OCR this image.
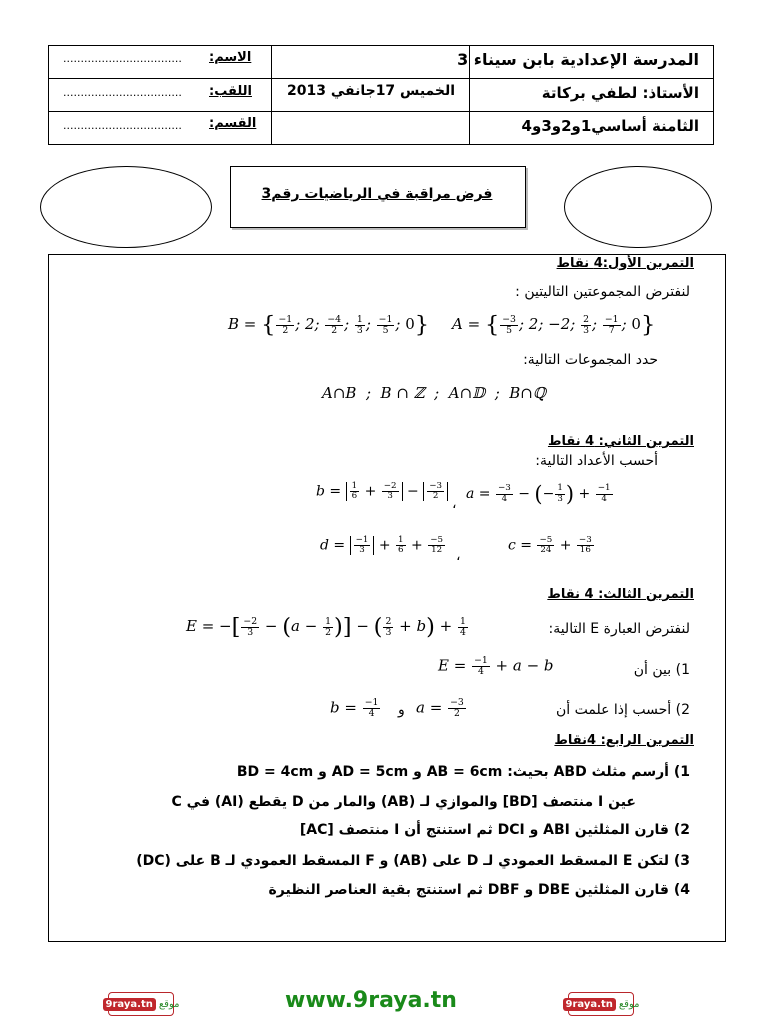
المدرسة الإعدادية بابن سيناء 3
الأستاذ: لطفي بركاتة
الثامنة أساسي1و2و3و4
الخميس 17جانفي 2013
الاسم:
..................................
اللقب:
..................................
القسم:
..................................
فرض مراقبة في الرياضيات رقم3
التمرين الأول:4 نقاط
لنفترض المجموعتين التاليتين :
B = { $\frac{-1}{2}$ ; 2; $\frac{-4}{2}$ ; $\frac{1}{3}$ ; $\frac{-1}{5}$ ; 0} A = { $\frac{-3}{5}$ ; 2; −2; $\frac{2}{3}$ ; $\frac{-1}{7}$ ; 0}
حدد المجموعات التالية:
A∩B  ;  B ∩ ℤ  ;  A∩𝔻  ;  B∩ℚ
التمرين الثاني: 4 نقاط
أحسب الأعداد التالية:
$b = \frac{1}{6} + \frac{-2}{3} - \frac{-3}{2}$
،
$a = \frac{-3}{4}$ − (− $\frac{1}{3}$ ) + $\frac{-1}{4}$
$d = \frac{-1}{3} + \frac{1}{6} + \frac{-5}{12}$
،
$c = \frac{-5}{24} + \frac{-3}{16}$
التمرين الثالث: 4 نقاط
لنفترض العبارة E التالية:
E = −[ $\frac{-2}{3} - (a - \frac{1}{2}$ )] − ( $\frac{2}{3} + b) + \frac{1}{4}$
1) بين أن
$E = \frac{-1}{4} + a - b$
2) أحسب إذا علمت أن
$a = \frac{-3}{2}$
و
$b = \frac{-1}{4}$
التمرين الرابع: 4نقاط
1) أرسم مثلث ABD بحيث: AB = 6cm و AD = 5cm و BD = 4cm
عين I منتصف [BD] والموازي لـ (AB) والمار من D يقطع (AI) في C
2) قارن المثلثين ABI و DCI ثم استنتج أن I منتصف [AC]
3) لتكن E المسقط العمودي لـ D على (AB) و F المسقط العمودي لـ B على (DC)
4) قارن المثلثين DBE و DBF ثم استنتج بقية العناصر النظيرة
9raya.tn موقع	www.9raya.tn	9raya.tn موقع
